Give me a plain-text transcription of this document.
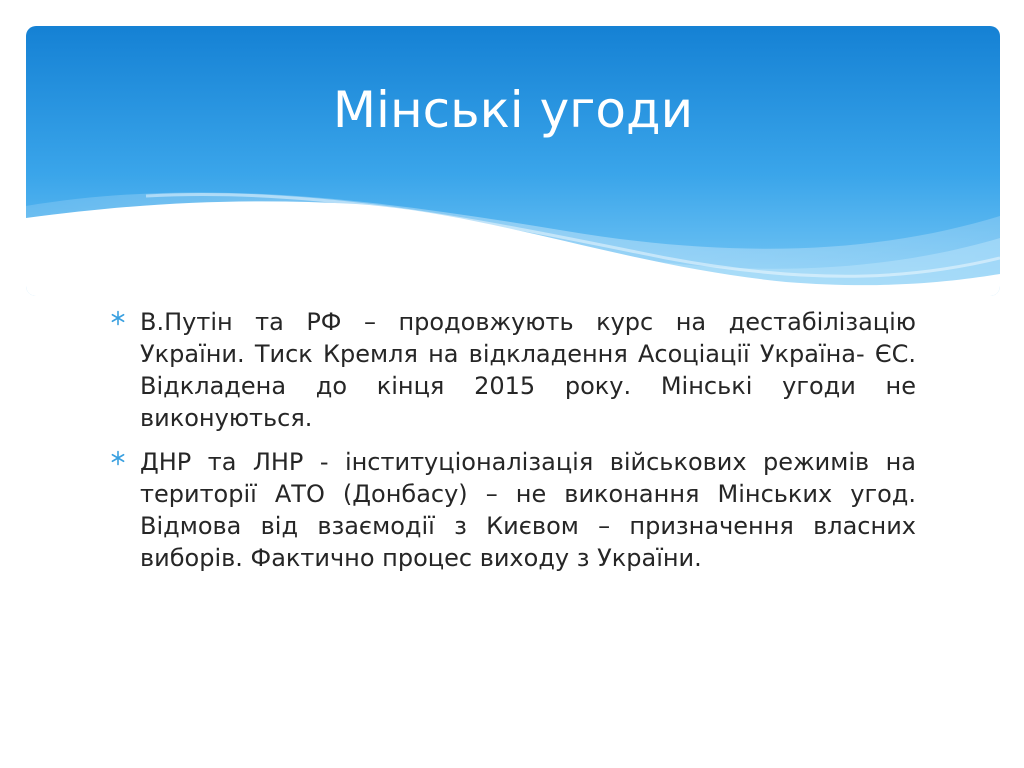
Мінські угоди
В.Путін та РФ – продовжують курс на дестабілізацію України. Тиск Кремля на відкладення Асоціації Україна- ЄС. Відкладена до кінця 2015 року. Мінські угоди не виконуються.
ДНР та ЛНР - інституціоналізація військових режимів на території АТО (Донбасу) – не виконання Мінських угод. Відмова від взаємодії з Києвом – призначення власних виборів. Фактично процес виходу з України.
